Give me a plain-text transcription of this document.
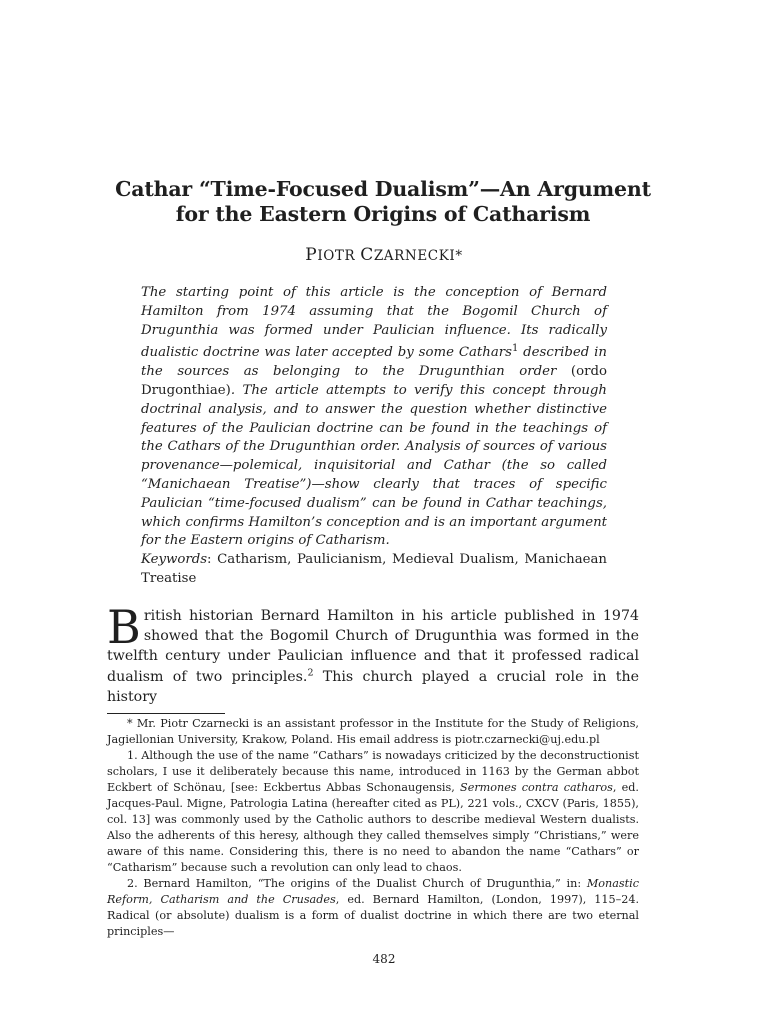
Cathar “Time-Focused Dualism”—An Argument
for the Eastern Origins of Catharism
PIOTR CZARNECKI*
The starting point of this article is the conception of Bernard Hamilton from 1974 assuming that the Bogomil Church of Drugunthia was formed under Paulician influence. Its radically dualistic doctrine was later accepted by some Cathars$^1$ described in the sources as belonging to the Drugunthian order (ordo Drugonthiae). The article attempts to verify this concept through doctrinal analysis, and to answer the question whether distinctive features of the Paulician doctrine can be found in the teachings of the Cathars of the Drugunthian order. Analysis of sources of various provenance—polemical, inquisitorial and Cathar (the so called “Manichaean Treatise”)—show clearly that traces of specific Paulician “time-focused dualism” can be found in Cathar teachings, which confirms Hamilton’s conception and is an important argument for the Eastern origins of Catharism.
Keywords: Catharism, Paulicianism, Medieval Dualism, Manichaean Treatise
British historian Bernard Hamilton in his article published in 1974 showed that the Bogomil Church of Drugunthia was formed in the twelfth century under Paulician influence and that it professed radical dualism of two principles.$^2$ This church played a crucial role in the history

* Mr. Piotr Czarnecki is an assistant professor in the Institute for the Study of Religions, Jagiellonian University, Krakow, Poland. His email address is piotr.czarnecki@uj.edu.pl

1. Although the use of the name “Cathars” is nowadays criticized by the deconstructionist scholars, I use it deliberately because this name, introduced in 1163 by the German abbot Eckbert of Schönau, [see: Eckbertus Abbas Schonaugensis, Sermones contra catharos, ed. Jacques-Paul. Migne, Patrologia Latina (hereafter cited as PL), 221 vols., CXCV (Paris, 1855), col. 13] was commonly used by the Catholic authors to describe medieval Western dualists. Also the adherents of this heresy, although they called themselves simply “Christians,” were aware of this name. Considering this, there is no need to abandon the name “Cathars” or “Catharism” because such a revolution can only lead to chaos.

2. Bernard Hamilton, “The origins of the Dualist Church of Drugunthia,” in: Monastic Reform, Catharism and the Crusades, ed. Bernard Hamilton, (London, 1997), 115–24. Radical (or absolute) dualism is a form of dualist doctrine in which there are two eternal principles—

482
